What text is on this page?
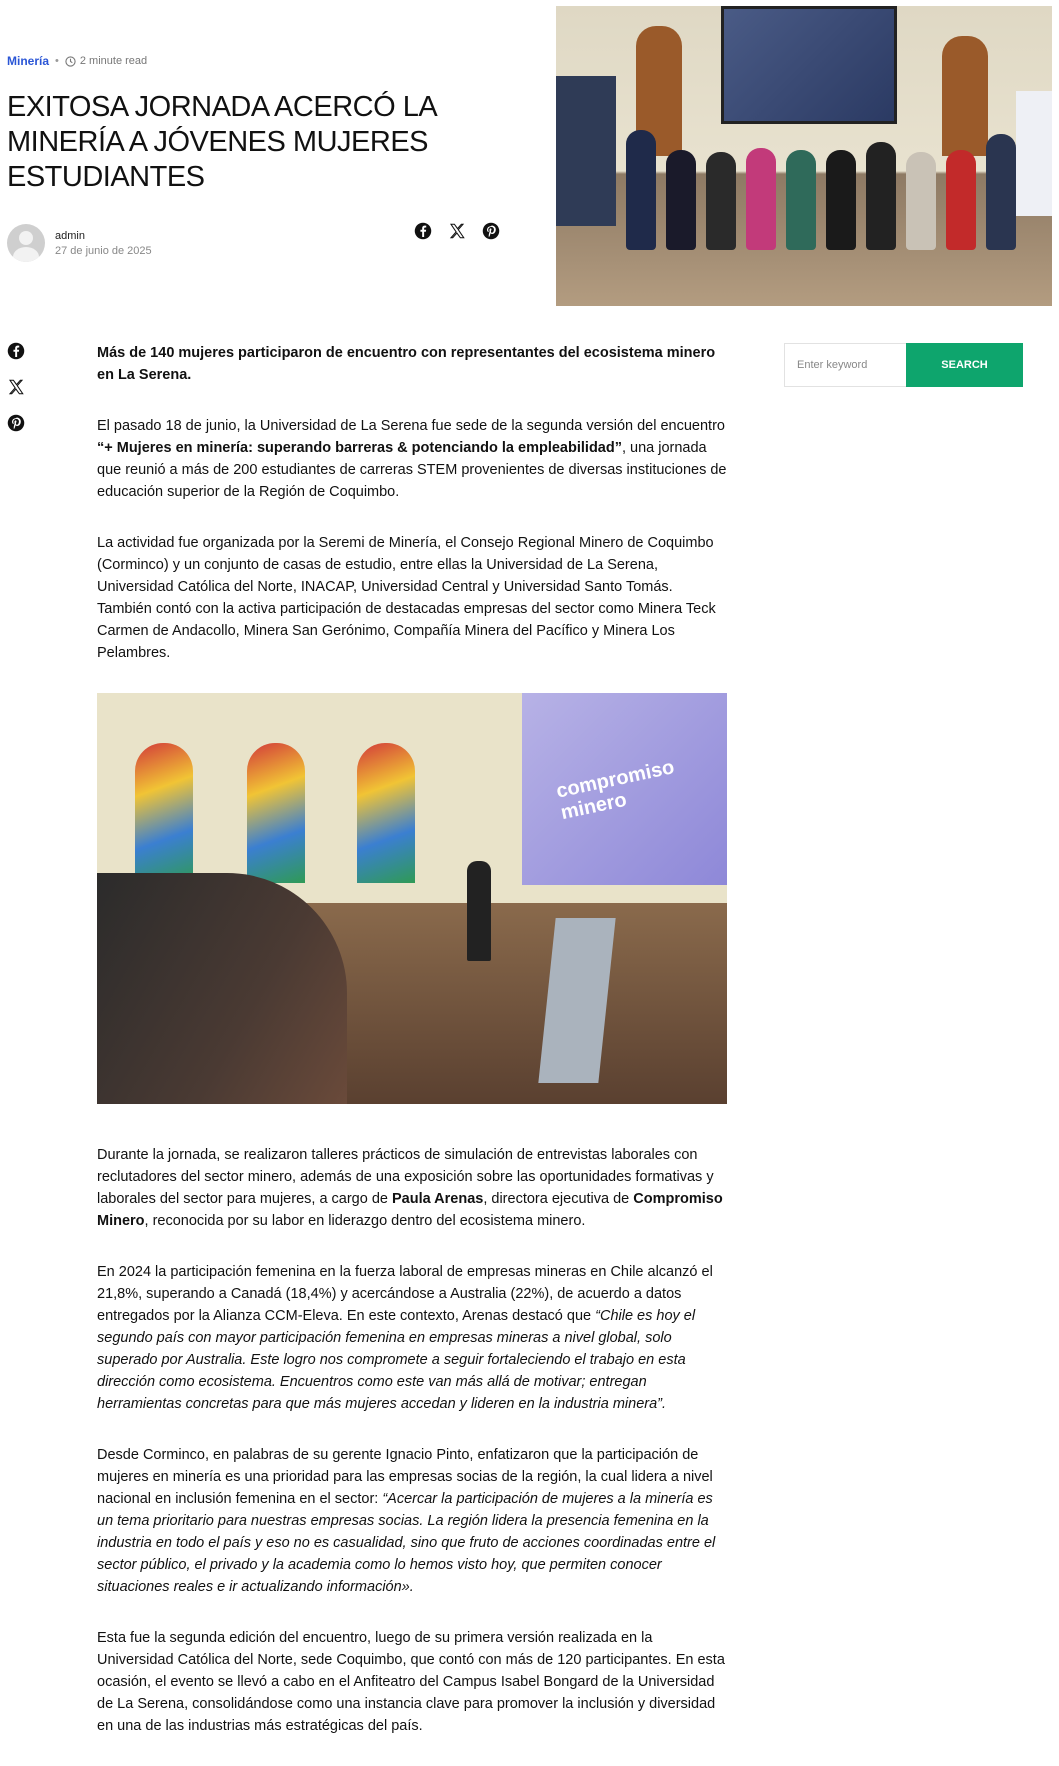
Minería • 2 minute read
EXITOSA JORNADA ACERCÓ LA MINERÍA A JÓVENES MUJERES ESTUDIANTES
admin
27 de junio de 2025

Más de 140 mujeres participaron de encuentro con representantes del ecosistema minero en La Serena.

El pasado 18 de junio, la Universidad de La Serena fue sede de la segunda versión del encuentro “+ Mujeres en minería: superando barreras & potenciando la empleabilidad”, una jornada que reunió a más de 200 estudiantes de carreras STEM provenientes de diversas instituciones de educación superior de la Región de Coquimbo.

La actividad fue organizada por la Seremi de Minería, el Consejo Regional Minero de Coquimbo (Corminco) y un conjunto de casas de estudio, entre ellas la Universidad de La Serena, Universidad Católica del Norte, INACAP, Universidad Central y Universidad Santo Tomás. También contó con la activa participación de destacadas empresas del sector como Minera Teck Carmen de Andacollo, Minera San Gerónimo, Compañía Minera del Pacífico y Minera Los Pelambres.

compromiso minero

Durante la jornada, se realizaron talleres prácticos de simulación de entrevistas laborales con reclutadores del sector minero, además de una exposición sobre las oportunidades formativas y laborales del sector para mujeres, a cargo de Paula Arenas, directora ejecutiva de Compromiso Minero, reconocida por su labor en liderazgo dentro del ecosistema minero.

En 2024 la participación femenina en la fuerza laboral de empresas mineras en Chile alcanzó el 21,8%, superando a Canadá (18,4%) y acercándose a Australia (22%), de acuerdo a datos entregados por la Alianza CCM-Eleva. En este contexto, Arenas destacó que “Chile es hoy el segundo país con mayor participación femenina en empresas mineras a nivel global, solo superado por Australia. Este logro nos compromete a seguir fortaleciendo el trabajo en esta dirección como ecosistema. Encuentros como este van más allá de motivar; entregan herramientas concretas para que más mujeres accedan y lideren en la industria minera”.

Desde Corminco, en palabras de su gerente Ignacio Pinto, enfatizaron que la participación de mujeres en minería es una prioridad para las empresas socias de la región, la cual lidera a nivel nacional en inclusión femenina en el sector: “Acercar la participación de mujeres a la minería es un tema prioritario para nuestras empresas socias. La región lidera la presencia femenina en la industria en todo el país y eso no es casualidad, sino que fruto de acciones coordinadas entre el sector público, el privado y la academia como lo hemos visto hoy, que permiten conocer situaciones reales e ir actualizando información».

Esta fue la segunda edición del encuentro, luego de su primera versión realizada en la Universidad Católica del Norte, sede Coquimbo, que contó con más de 120 participantes. En esta ocasión, el evento se llevó a cabo en el Anfiteatro del Campus Isabel Bongard de la Universidad de La Serena, consolidándose como una instancia clave para promover la inclusión y diversidad en una de las industrias más estratégicas del país.

Enter keyword
SEARCH
